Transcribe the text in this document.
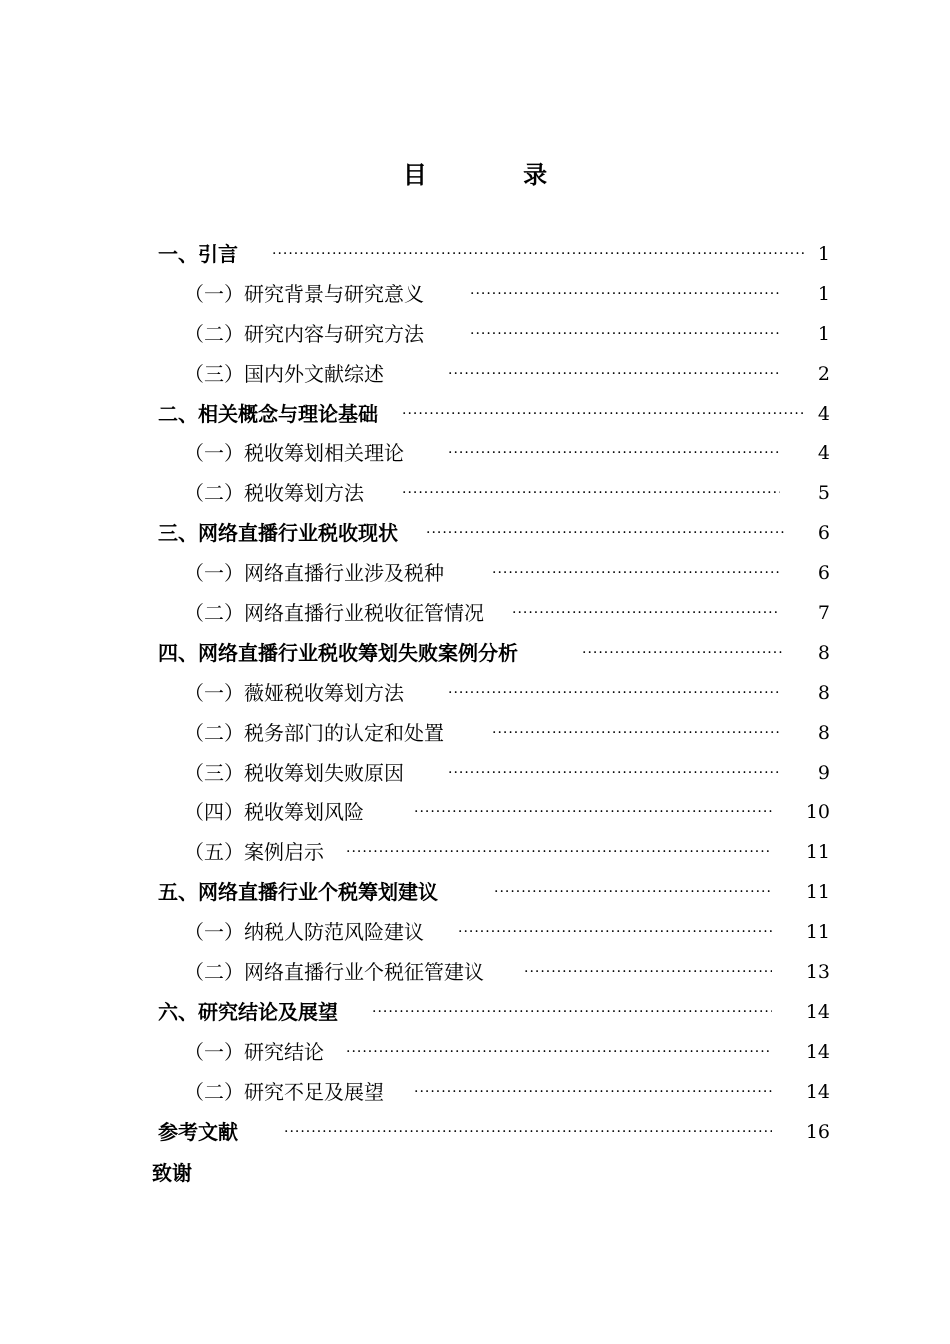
目 录
一、引言 ·····	1
（一）研究背景与研究意义 ·····	1
（二）研究内容与研究方法 ·····	1
（三）国内外文献综述 ·····	2
二、相关概念与理论基础 ·····	4
（一）税收筹划相关理论 ·····	4
（二）税收筹划方法 ·····	5
三、网络直播行业税收现状 ·····	6
（一）网络直播行业涉及税种 ·····	6
（二）网络直播行业税收征管情况 ·····	7
四、网络直播行业税收筹划失败案例分析 ·····	8
（一）薇娅税收筹划方法 ·····	8
（二）税务部门的认定和处置 ·····	8
（三）税收筹划失败原因 ·····	9
（四）税收筹划风险 ·····	10
（五）案例启示 ·····	11
五、网络直播行业个税筹划建议 ·····	11
（一）纳税人防范风险建议 ·····	11
（二）网络直播行业个税征管建议 ·····	13
六、研究结论及展望 ·····	14
（一）研究结论 ·····	14
（二）研究不足及展望 ·····	14
参考文献 ·····	16
致谢
